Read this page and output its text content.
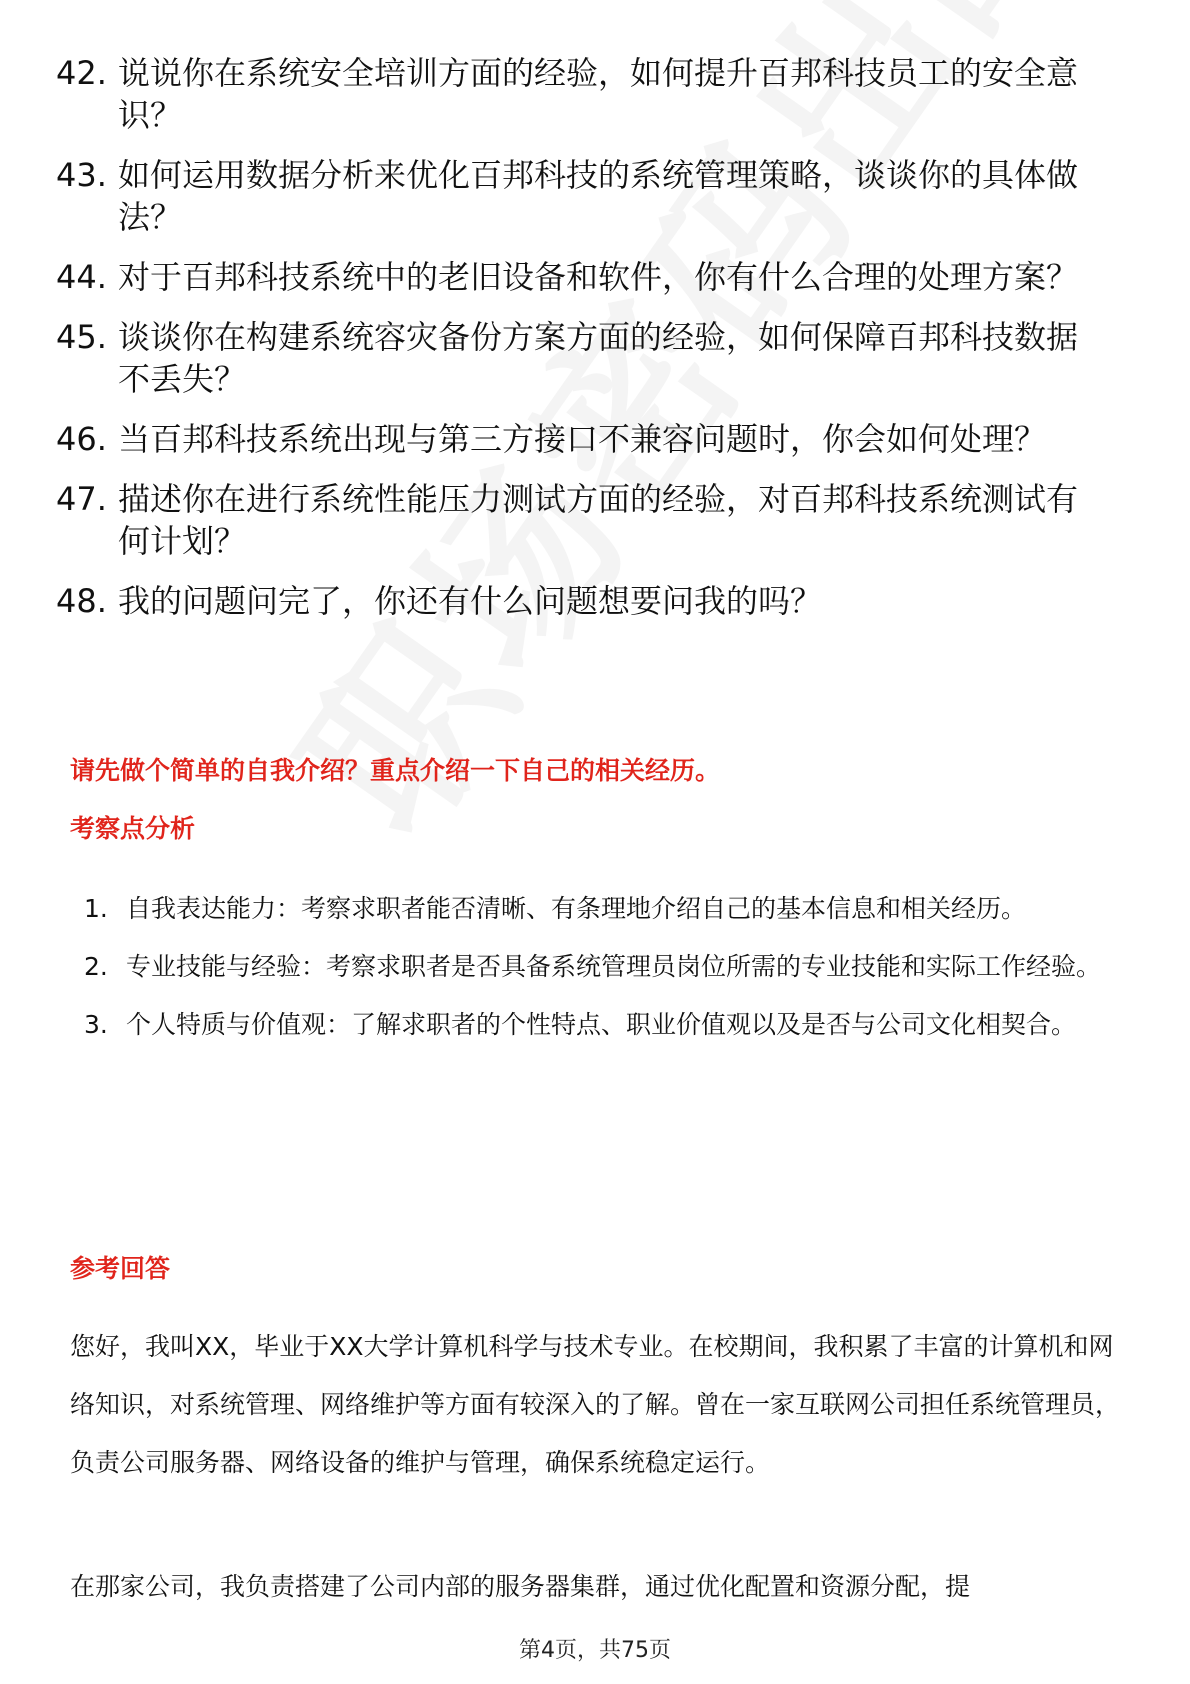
42. 说说你在系统安全培训方面的经验，如何提升百邦科技员工的安全意识？
43. 如何运用数据分析来优化百邦科技的系统管理策略，谈谈你的具体做法？
44. 对于百邦科技系统中的老旧设备和软件，你有什么合理的处理方案？
45. 谈谈你在构建系统容灾备份方案方面的经验，如何保障百邦科技数据不丢失？
46. 当百邦科技系统出现与第三方接口不兼容问题时，你会如何处理？
47. 描述你在进行系统性能压力测试方面的经验，对百邦科技系统测试有何计划？
48. 我的问题问完了，你还有什么问题想要问我的吗？
请先做个简单的自我介绍？重点介绍一下自己的相关经历。
考察点分析
1. 自我表达能力：考察求职者能否清晰、有条理地介绍自己的基本信息和相关经历。
2. 专业技能与经验：考察求职者是否具备系统管理员岗位所需的专业技能和实际工作经验。
3. 个人特质与价值观：了解求职者的个性特点、职业价值观以及是否与公司文化相契合。
参考回答

您好，我叫XX，毕业于XX大学计算机科学与技术专业。在校期间，我积累了丰富的计算机和网络知识，对系统管理、网络维护等方面有较深入的了解。曾在一家互联网公司担任系统管理员，负责公司服务器、网络设备的维护与管理，确保系统稳定运行。

在那家公司，我负责搭建了公司内部的服务器集群，通过优化配置和资源分配，提

第4页，共75页
